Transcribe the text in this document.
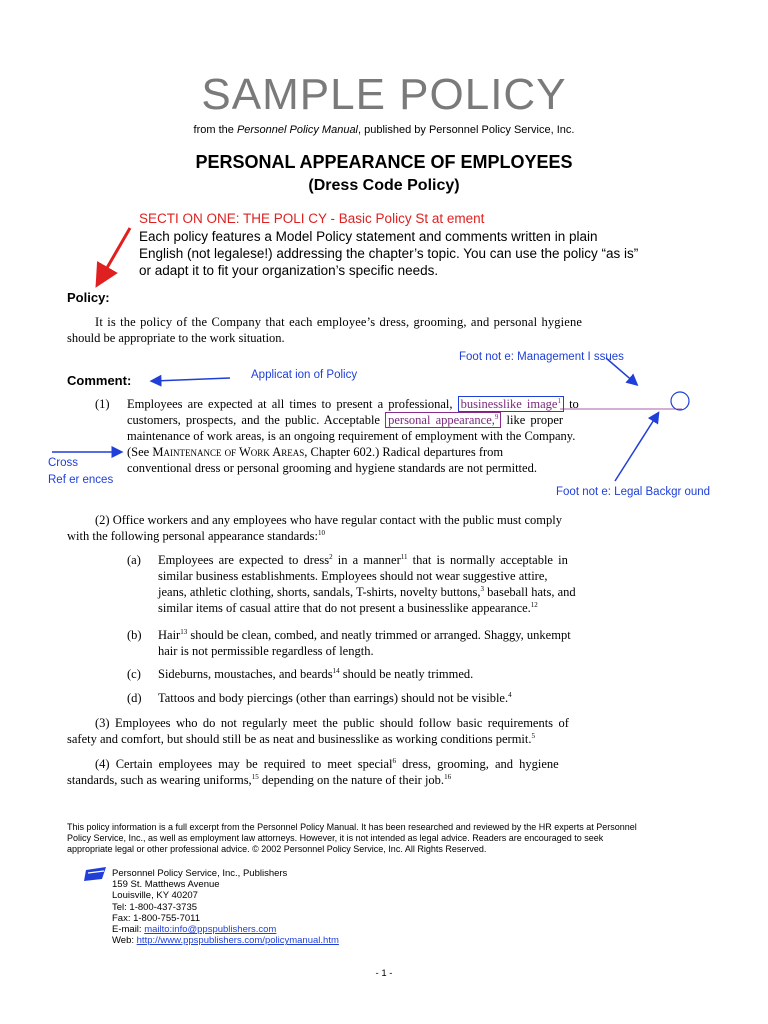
SAMPLE POLICY
from the Personnel Policy Manual, published by Personnel Policy Service, Inc.
PERSONAL APPEARANCE OF EMPLOYEES
(Dress Code Policy)
SECTI ON ONE: THE POLI CY - Basic Policy St at ement
Each policy features a Model Policy statement and comments written in plain
English (not legalese!) addressing the chapter’s topic. You can use the policy “as is”
or adapt it to fit your organization’s specific needs.
Policy:
It is the policy of the Company that each employee’s dress, grooming, and personal hygiene
should be appropriate to the work situation.
Foot not e: Management I ssues
Applicat ion of Policy
Cross
Ref er ences
Foot not e: Legal Backgr ound
Comment:
(1) Employees are expected at all times to present a professional, businesslike image$^1$ to
customers, prospects, and the public. Acceptable personal appearance,$^9$ like proper
maintenance of work areas, is an ongoing requirement of employment with the Company.
(See Maintenance of Work Areas, Chapter 602.) Radical departures from
conventional dress or personal grooming and hygiene standards are not permitted.
(2) Office workers and any employees who have regular contact with the public must comply
with the following personal appearance standards:$^{10}$
(a) Employees are expected to dress$^2$ in a manner$^{11}$ that is normally acceptable in
similar business establishments. Employees should not wear suggestive attire,
jeans, athletic clothing, shorts, sandals, T-shirts, novelty buttons,$^3$ baseball hats, and
similar items of casual attire that do not present a businesslike appearance.$^{12}$
(b) Hair$^{13}$ should be clean, combed, and neatly trimmed or arranged. Shaggy, unkempt
hair is not permissible regardless of length.
(c) Sideburns, moustaches, and beards$^{14}$ should be neatly trimmed.
(d) Tattoos and body piercings (other than earrings) should not be visible.$^4$
(3) Employees who do not regularly meet the public should follow basic requirements of
safety and comfort, but should still be as neat and businesslike as working conditions permit.$^5$
(4) Certain employees may be required to meet special$^6$ dress, grooming, and hygiene
standards, such as wearing uniforms,$^{15}$ depending on the nature of their job.$^{16}$
This policy information is a full excerpt from the Personnel Policy Manual. It has been researched and reviewed by the HR experts at Personnel
Policy Service, Inc., as well as employment law attorneys. However, it is not intended as legal advice. Readers are encouraged to seek
appropriate legal or other professional advice. © 2002 Personnel Policy Service, Inc. All Rights Reserved.
Personnel Policy Service, Inc., Publishers
159 St. Matthews Avenue
Louisville, KY 40207
Tel: 1-800-437-3735
Fax: 1-800-755-7011
E-mail: mailto:info@ppspublishers.com
Web: http://www.ppspublishers.com/policymanual.htm
- 1 -
